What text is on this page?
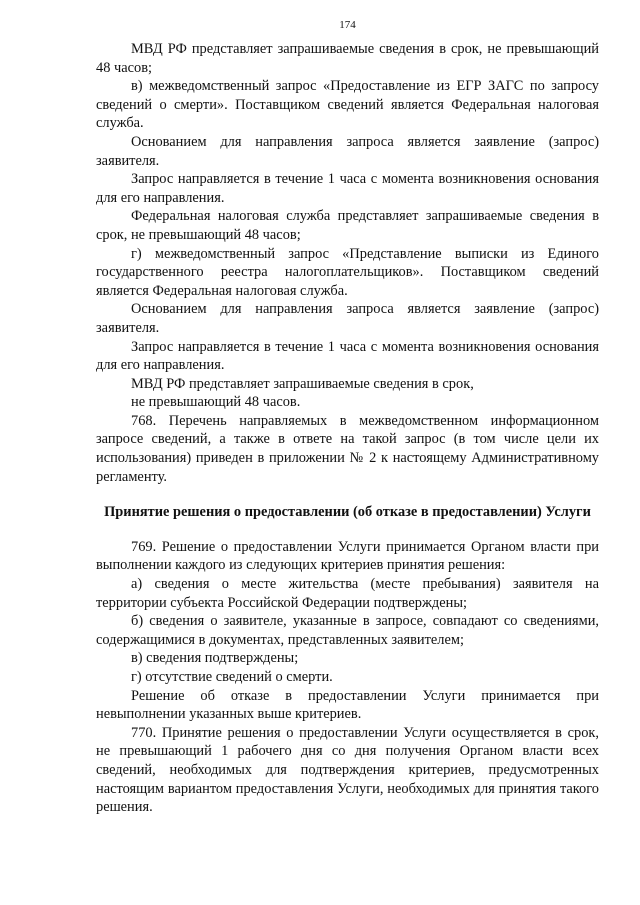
174

МВД РФ представляет запрашиваемые сведения в срок, не превышающий 48 часов;

в) межведомственный запрос «Предоставление из ЕГР ЗАГС по запросу сведений о смерти». Поставщиком сведений является Федеральная налоговая служба.

Основанием для направления запроса является заявление (запрос) заявителя.

Запрос направляется в течение 1 часа с момента возникновения основания для его направления.

Федеральная налоговая служба представляет запрашиваемые сведения в срок, не превышающий 48 часов;

г) межведомственный запрос «Представление выписки из Единого государственного реестра налогоплательщиков». Поставщиком сведений является Федеральная налоговая служба.

Основанием для направления запроса является заявление (запрос) заявителя.

Запрос направляется в течение 1 часа с момента возникновения основания для его направления.

МВД РФ представляет запрашиваемые сведения в срок,

не превышающий 48 часов.

768. Перечень направляемых в межведомственном информационном запросе сведений, а также в ответе на такой запрос (в том числе цели их использования) приведен в приложении № 2 к настоящему Административному регламенту.

Принятие решения о предоставлении (об отказе в предоставлении) Услуги

769. Решение о предоставлении Услуги принимается Органом власти при выполнении каждого из следующих критериев принятия решения:

а) сведения о месте жительства (месте пребывания) заявителя на территории субъекта Российской Федерации подтверждены;

б) сведения о заявителе, указанные в запросе, совпадают со сведениями, содержащимися в документах, представленных заявителем;

в) сведения подтверждены;

г) отсутствие сведений о смерти.

Решение об отказе в предоставлении Услуги принимается при невыполнении указанных выше критериев.

770. Принятие решения о предоставлении Услуги осуществляется в срок, не превышающий 1 рабочего дня со дня получения Органом власти всех сведений, необходимых для подтверждения критериев, предусмотренных настоящим вариантом предоставления Услуги, необходимых для принятия такого решения.
